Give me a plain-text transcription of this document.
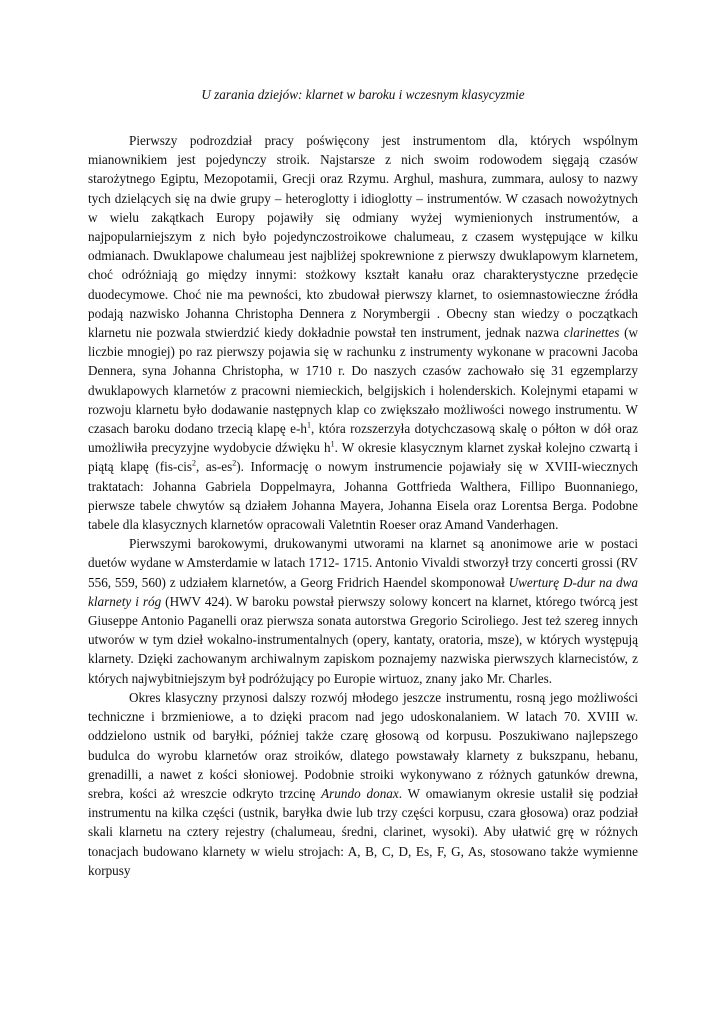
U zarania dziejów: klarnet w baroku i wczesnym klasycyzmie

Pierwszy podrozdział pracy poświęcony jest instrumentom dla, których wspólnym mianownikiem jest pojedynczy stroik. Najstarsze z nich swoim rodowodem sięgają czasów starożytnego Egiptu, Mezopotamii, Grecji oraz Rzymu. Arghul, mashura, zummara, aulosy to nazwy tych dzielących się na dwie grupy – heteroglotty i idioglotty – instrumentów. W czasach nowożytnych w wielu zakątkach Europy pojawiły się odmiany wyżej wymienionych instrumentów, a najpopularniejszym z nich było pojedynczostroikowe chalumeau, z czasem występujące w kilku odmianach. Dwuklapowe chalumeau jest najbliżej spokrewnione z pierwszy dwuklapowym klarnetem, choć odróżniają go między innymi: stożkowy kształt kanału oraz charakterystyczne przedęcie duodecymowe. Choć nie ma pewności, kto zbudował pierwszy klarnet, to osiemnastowieczne źródła podają nazwisko Johanna Christopha Dennera z Norymbergii . Obecny stan wiedzy o początkach klarnetu nie pozwala stwierdzić kiedy dokładnie powstał ten instrument, jednak nazwa clarinettes (w liczbie mnogiej) po raz pierwszy pojawia się w rachunku z instrumenty wykonane w pracowni Jacoba Dennera, syna Johanna Christopha, w 1710 r. Do naszych czasów zachowało się 31 egzemplarzy dwuklapowych klarnetów z pracowni niemieckich, belgijskich i holenderskich. Kolejnymi etapami w rozwoju klarnetu było dodawanie następnych klap co zwiększało możliwości nowego instrumentu. W czasach baroku dodano trzecią klapę $e-h^1$, która rozszerzyła dotychczasową skalę o półton w dół oraz umożliwiła precyzyjne wydobycie dźwięku $h^1$. W okresie klasycznym klarnet zyskał kolejno czwartą i piątą klapę (fis-cis$^2$, $as-es^2$). Informację o nowym instrumencie pojawiały się w XVIII-wiecznych traktatach: Johanna Gabriela Doppelmayra, Johanna Gottfrieda Walthera, Fillipo Buonnaniego, pierwsze tabele chwytów są działem Johanna Mayera, Johanna Eisela oraz Lorentsa Berga. Podobne tabele dla klasycznych klarnetów opracowali Valetntin Roeser oraz Amand Vanderhagen.

Pierwszymi barokowymi, drukowanymi utworami na klarnet są anonimowe arie w postaci duetów wydane w Amsterdamie w latach 1712- 1715. Antonio Vivaldi stworzył trzy concerti grossi (RV 556, 559, 560) z udziałem klarnetów, a Georg Fridrich Haendel skomponował Uwerturę D-dur na dwa klarnety i róg (HWV 424). W baroku powstał pierwszy solowy koncert na klarnet, którego twórcą jest Giuseppe Antonio Paganelli oraz pierwsza sonata autorstwa Gregorio Sciroliego. Jest też szereg innych utworów w tym dzieł wokalno-instrumentalnych (opery, kantaty, oratoria, msze), w których występują klarnety. Dzięki zachowanym archiwalnym zapiskom poznajemy nazwiska pierwszych klarnecistów, z których najwybitniejszym był podróżujący po Europie wirtuoz, znany jako Mr. Charles.

Okres klasyczny przynosi dalszy rozwój młodego jeszcze instrumentu, rosną jego możliwości techniczne i brzmieniowe, a to dzięki pracom nad jego udoskonalaniem. W latach 70. XVIII w. oddzielono ustnik od baryłki, później także czarę głosową od korpusu. Poszukiwano najlepszego budulca do wyrobu klarnetów oraz stroików, dlatego powstawały klarnety z bukszpanu, hebanu, grenadilli, a nawet z kości słoniowej. Podobnie stroiki wykonywano z różnych gatunków drewna, srebra, kości aż wreszcie odkryto trzcinę Arundo donax. W omawianym okresie ustalił się podział instrumentu na kilka części (ustnik, baryłka dwie lub trzy części korpusu, czara głosowa) oraz podział skali klarnetu na cztery rejestry (chalumeau, średni, clarinet, wysoki). Aby ułatwić grę w różnych tonacjach budowano klarnety w wielu strojach: A, B, C, D, Es, F, G, As, stosowano także wymienne korpusy
